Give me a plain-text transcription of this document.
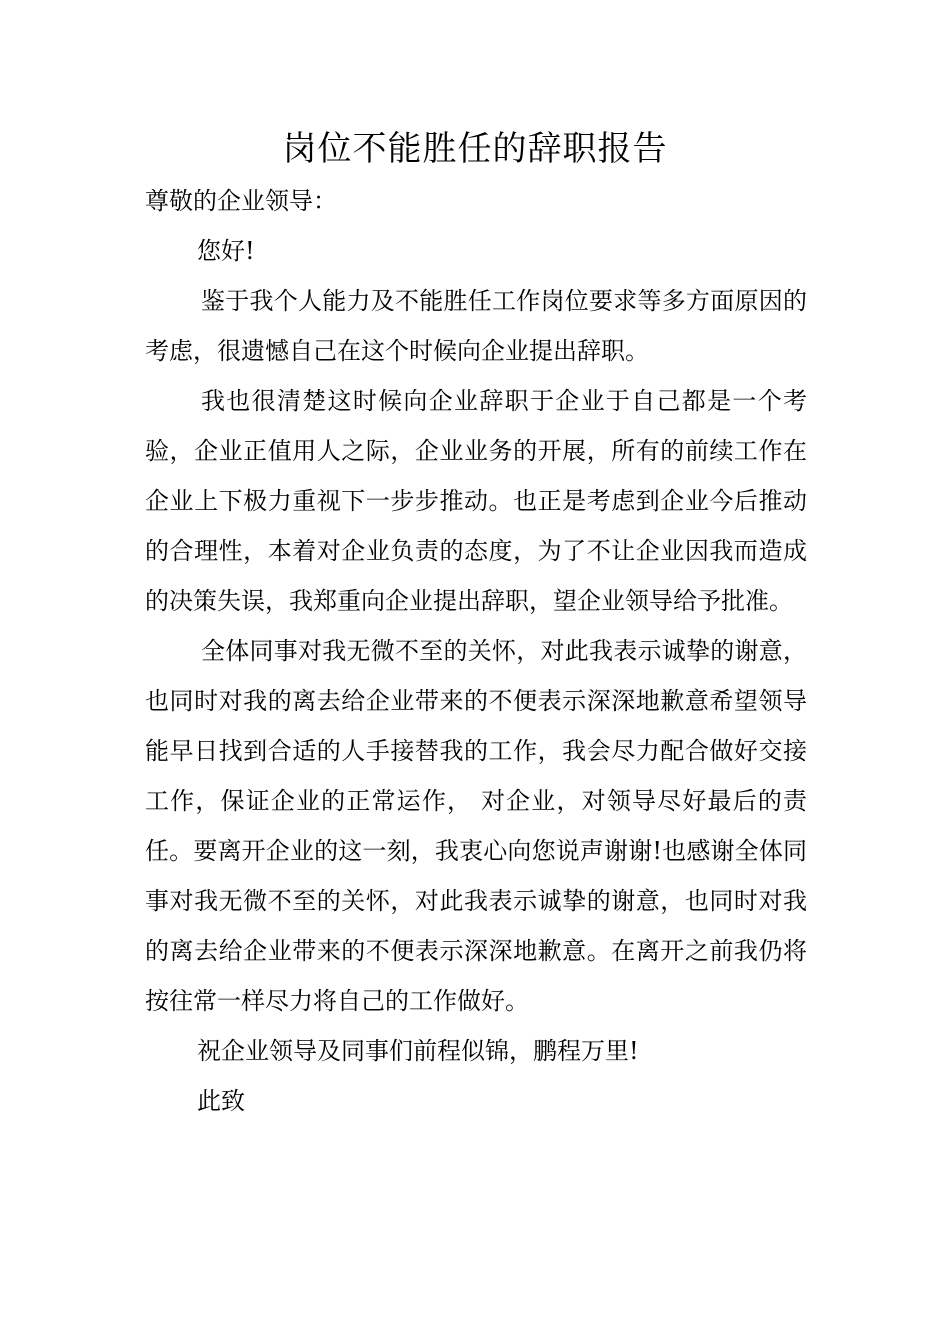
岗位不能胜任的辞职报告

尊敬的企业领导：

您好!

鉴于我个人能力及不能胜任工作岗位要求等多方面原因的考虑，很遗憾自己在这个时候向企业提出辞职。

我也很清楚这时候向企业辞职于企业于自己都是一个考验，企业正值用人之际，企业业务的开展，所有的前续工作在企业上下极力重视下一步步推动。也正是考虑到企业今后推动的合理性，本着对企业负责的态度，为了不让企业因我而造成的决策失误，我郑重向企业提出辞职，望企业领导给予批准。

全体同事对我无微不至的关怀，对此我表示诚挚的谢意，也同时对我的离去给企业带来的不便表示深深地歉意希望领导能早日找到合适的人手接替我的工作，我会尽力配合做好交接工作，保证企业的正常运作， 对企业，对领导尽好最后的责任。要离开企业的这一刻，我衷心向您说声谢谢!也感谢全体同事对我无微不至的关怀，对此我表示诚挚的谢意，也同时对我的离去给企业带来的不便表示深深地歉意。在离开之前我仍将按往常一样尽力将自己的工作做好。

祝企业领导及同事们前程似锦，鹏程万里!

此致
